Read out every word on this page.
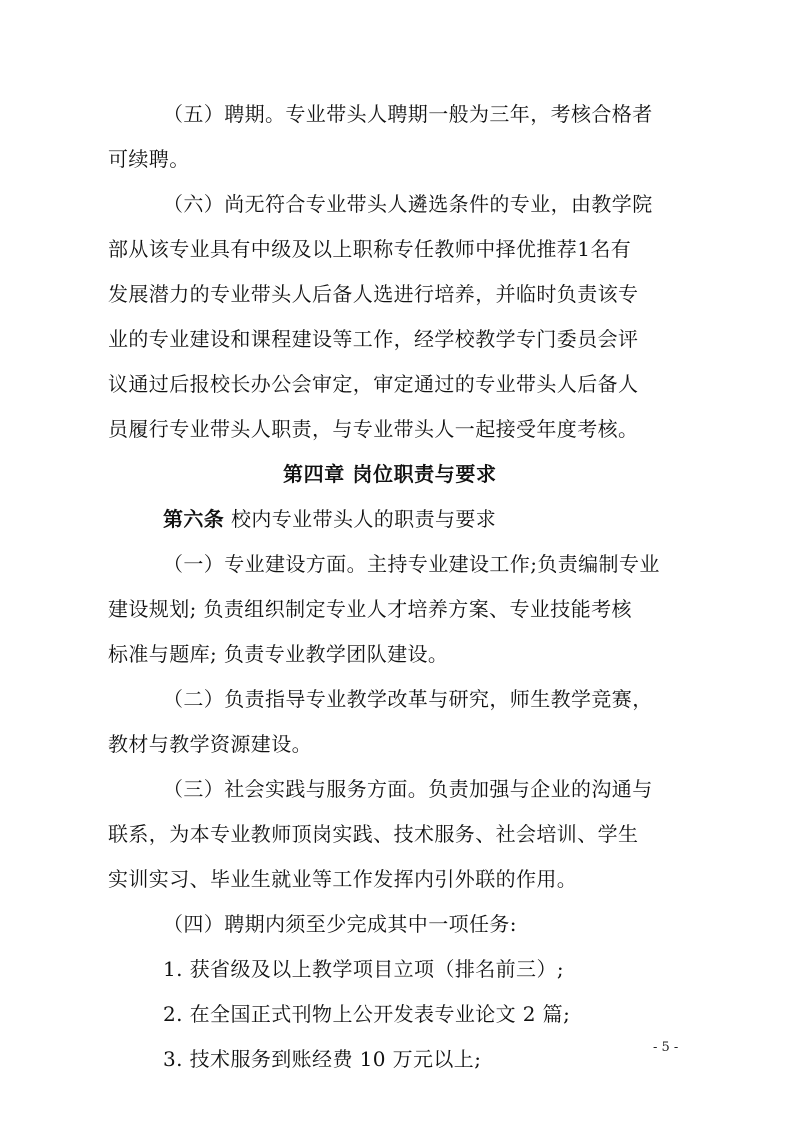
（五）聘期。专业带头人聘期一般为三年，考核合格者
可续聘。
（六）尚无符合专业带头人遴选条件的专业，由教学院
部从该专业具有中级及以上职称专任教师中择优推荐1名有
发展潜力的专业带头人后备人选进行培养，并临时负责该专
业的专业建设和课程建设等工作，经学校教学专门委员会评
议通过后报校长办公会审定，审定通过的专业带头人后备人
员履行专业带头人职责，与专业带头人一起接受年度考核。
第四章 岗位职责与要求
第六条 校内专业带头人的职责与要求
（一）专业建设方面。主持专业建设工作;负责编制专业
建设规划; 负责组织制定专业人才培养方案、专业技能考核
标准与题库; 负责专业教学团队建设。
（二）负责指导专业教学改革与研究，师生教学竞赛，
教材与教学资源建设。
（三）社会实践与服务方面。负责加强与企业的沟通与
联系，为本专业教师顶岗实践、技术服务、社会培训、学生
实训实习、毕业生就业等工作发挥内引外联的作用。
（四）聘期内须至少完成其中一项任务:
1. 获省级及以上教学项目立项（排名前三）;
2. 在全国正式刊物上公开发表专业论文 2 篇;
3. 技术服务到账经费 10 万元以上;	- 5 -
